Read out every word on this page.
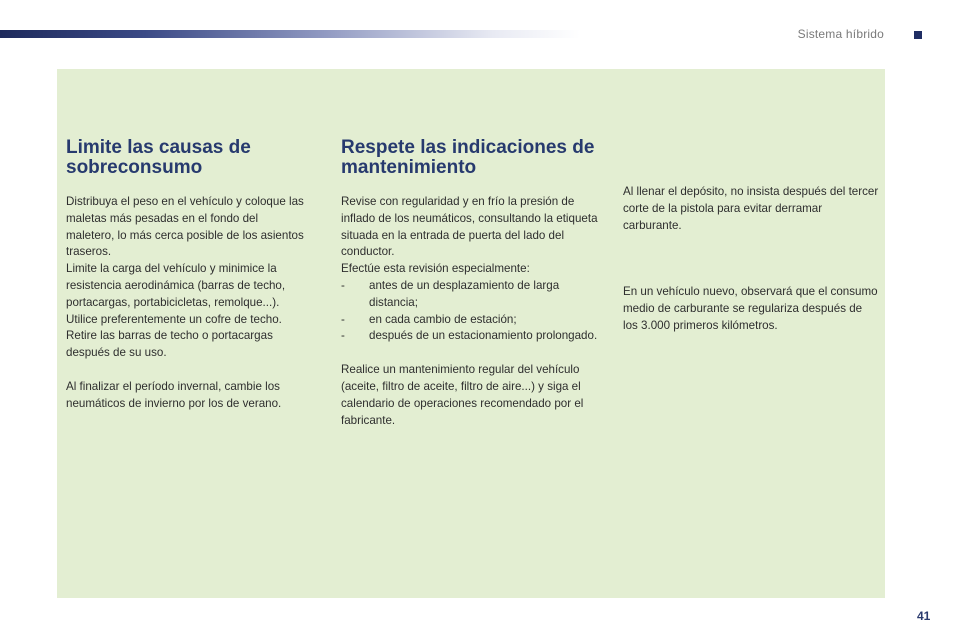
Sistema híbrido
Limite las causas de sobreconsumo

Distribuya el peso en el vehículo y coloque las maletas más pesadas en el fondo del maletero, lo más cerca posible de los asientos traseros.

Limite la carga del vehículo y minimice la resistencia aerodinámica (barras de techo, portacargas, portabicicletas, remolque...). Utilice preferentemente un cofre de techo.

Retire las barras de techo o portacargas después de su uso.

Al finalizar el período invernal, cambie los neumáticos de invierno por los de verano.

Respete las indicaciones de mantenimiento

Revise con regularidad y en frío la presión de inflado de los neumáticos, consultando la etiqueta situada en la entrada de puerta del lado del conductor.

Efectúe esta revisión especialmente:

- antes de un desplazamiento de larga distancia;
- en cada cambio de estación;
- después de un estacionamiento prolongado.

Realice un mantenimiento regular del vehículo (aceite, filtro de aceite, filtro de aire...) y siga el calendario de operaciones recomendado por el fabricante.

Al llenar el depósito, no insista después del tercer corte de la pistola para evitar derramar carburante.

En un vehículo nuevo, observará que el consumo medio de carburante se regulariza después de los 3.000 primeros kilómetros.

41
